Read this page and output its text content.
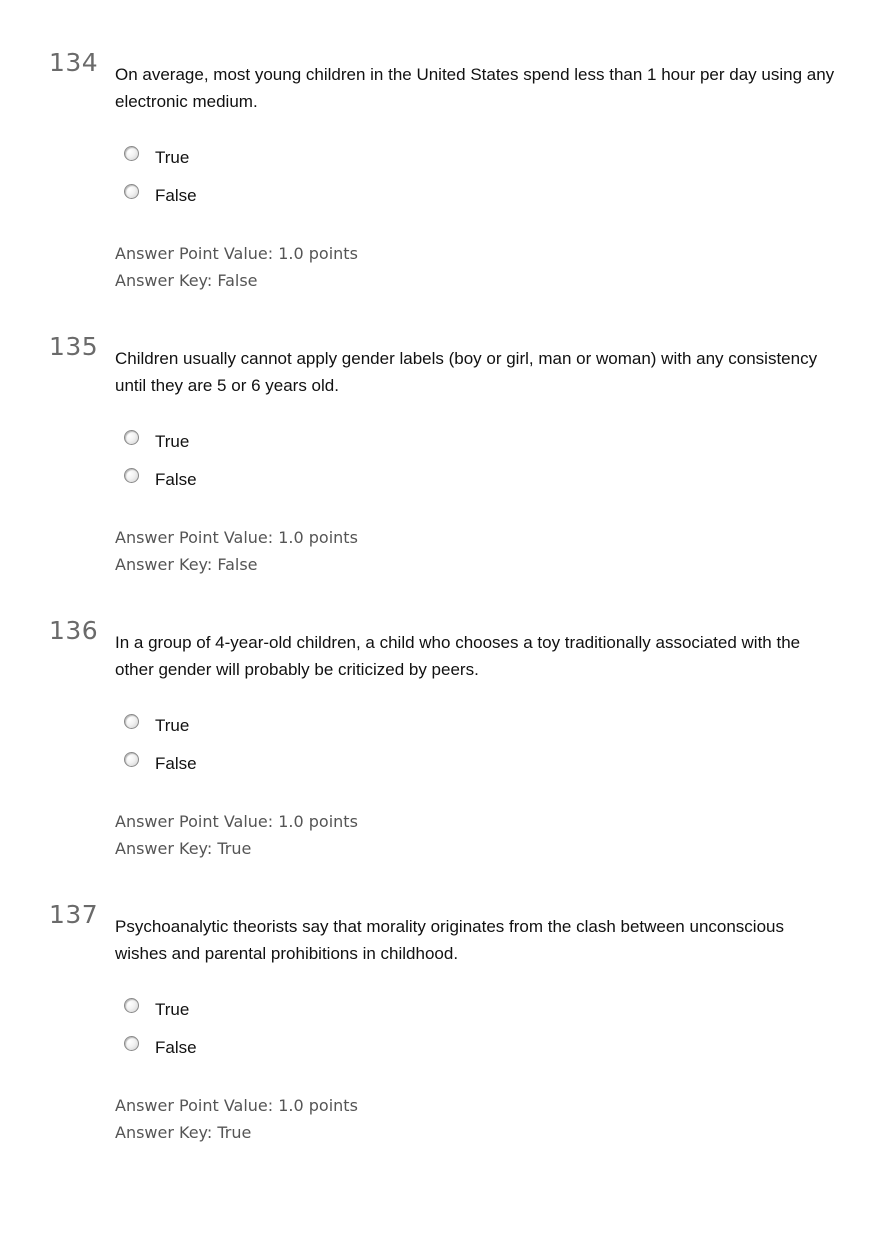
134 On average, most young children in the United States spend less than 1 hour per day using any electronic medium.
True
False
Answer Point Value: 1.0 points
Answer Key: False
135 Children usually cannot apply gender labels (boy or girl, man or woman) with any consistency until they are 5 or 6 years old.
True
False
Answer Point Value: 1.0 points
Answer Key: False
136 In a group of 4-year-old children, a child who chooses a toy traditionally associated with the other gender will probably be criticized by peers.
True
False
Answer Point Value: 1.0 points
Answer Key: True
137 Psychoanalytic theorists say that morality originates from the clash between unconscious wishes and parental prohibitions in childhood.
True
False
Answer Point Value: 1.0 points
Answer Key: True
